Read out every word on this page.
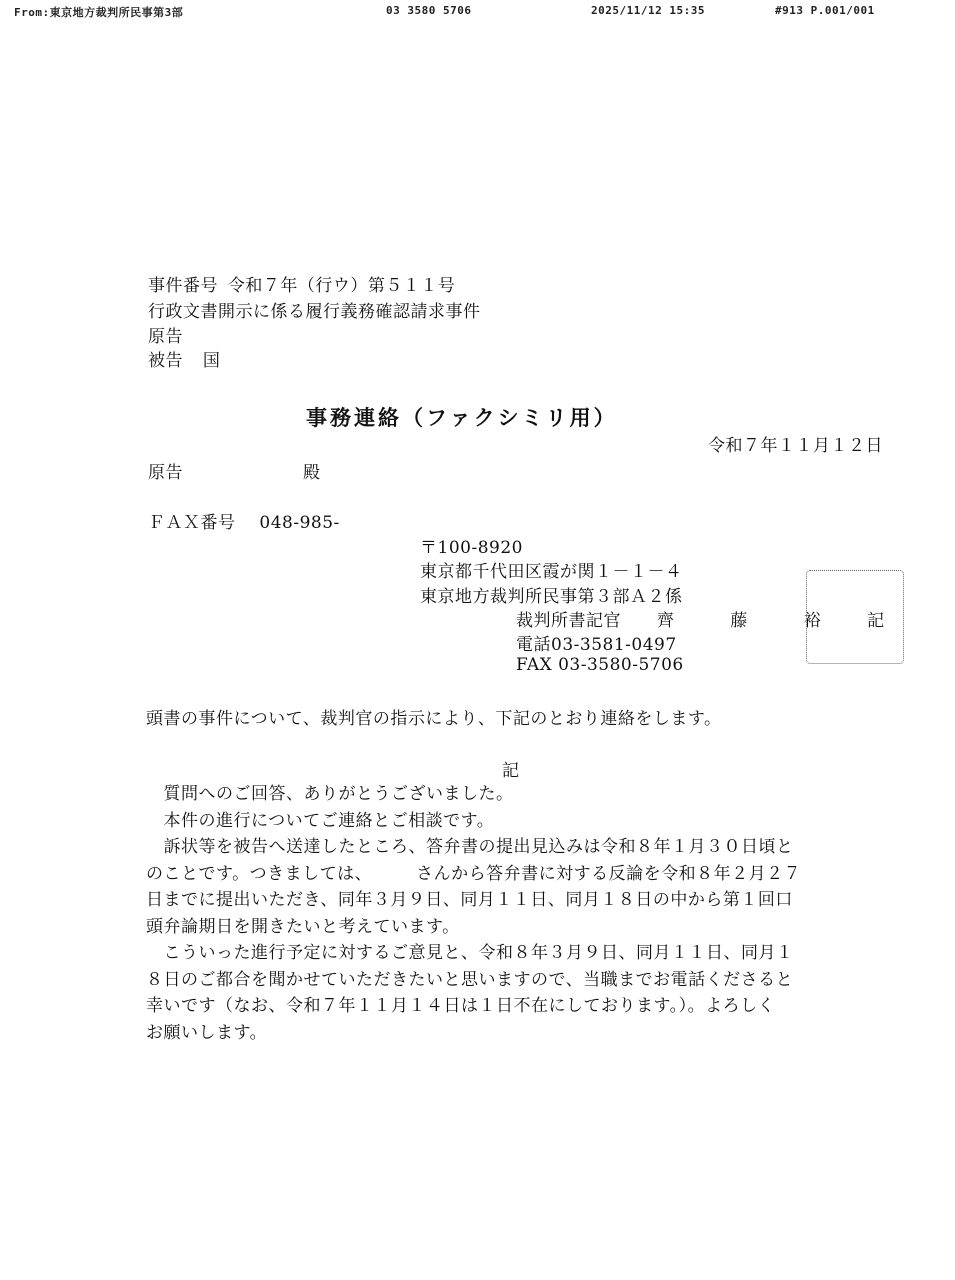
From:東京地方裁判所民事第3部	03 3580 5706	2025/11/12 15:35	#913 P.001/001
事件番号 令和７年（行ウ）第５１１号
行政文書開示に係る履行義務確認請求事件
原告
被告 国
事務連絡（ファクシミリ用）
令和７年１１月１２日
原告	殿
ＦＡＸ番号 048-985-
〒100-8920
東京都千代田区霞が関１－１－４
東京地方裁判所民事第３部Ａ２係
裁判所書記官 齊	藤	裕	記
電話03-3581-0497
FAX 03-3580-5706
頭書の事件について、裁判官の指示により、下記のとおり連絡をします。
記

　質問へのご回答、ありがとうございました。

　本件の進行についてご連絡とご相談です。

　訴状等を被告へ送達したところ、答弁書の提出見込みは令和８年１月３０日頃と
のことです。つきましては、　　　さんから答弁書に対する反論を令和８年２月２７
日までに提出いただき、同年３月９日、同月１１日、同月１８日の中から第１回口
頭弁論期日を開きたいと考えています。

　こういった進行予定に対するご意見と、令和８年３月９日、同月１１日、同月１
８日のご都合を聞かせていただきたいと思いますので、当職までお電話くださると
幸いです（なお、令和７年１１月１４日は１日不在にしております。）。よろしく
お願いします。
